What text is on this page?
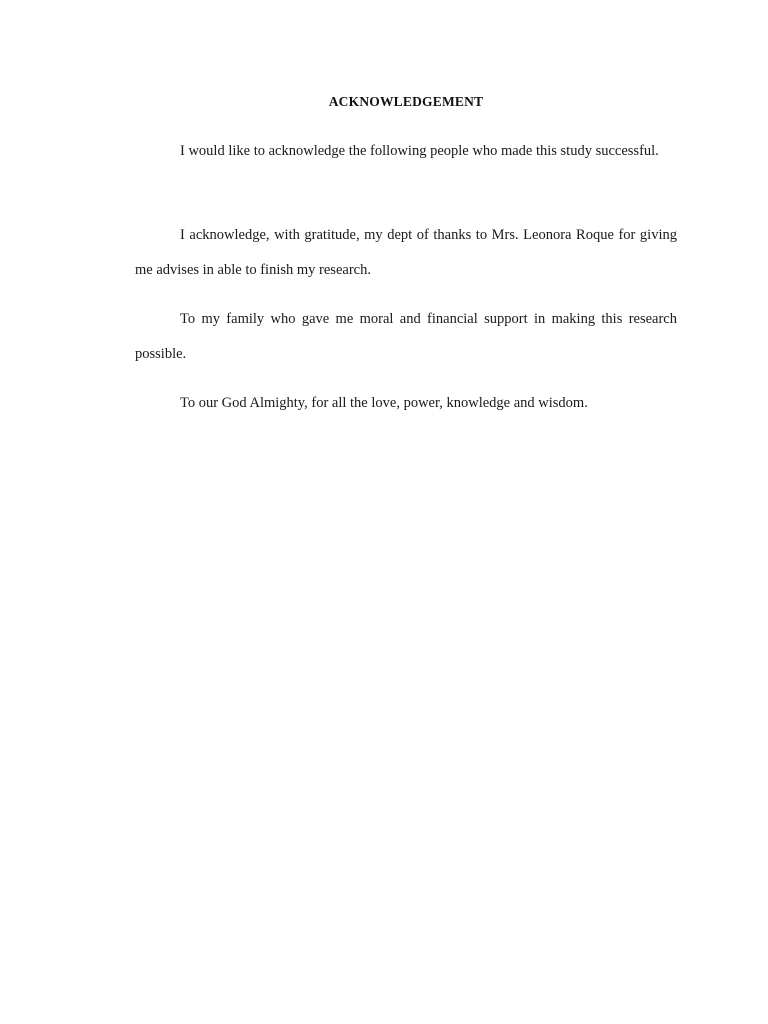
ACKNOWLEDGEMENT

I would like to acknowledge the following people who made this study successful.

I acknowledge, with gratitude, my dept of thanks to Mrs. Leonora Roque for giving me advises in able to finish my research.

To my family who gave me moral and financial support in making this research possible.

To our God Almighty, for all the love, power, knowledge and wisdom.
